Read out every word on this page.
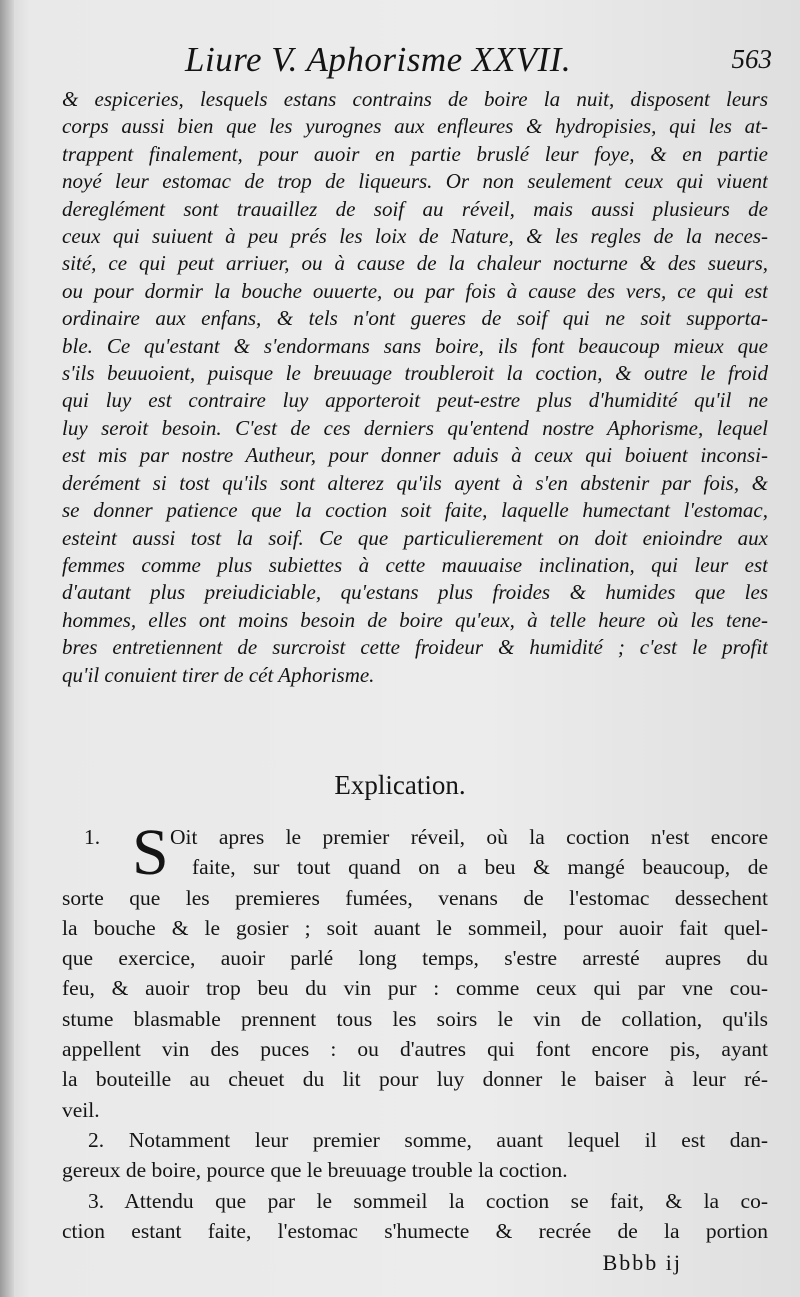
Liure V. Aphorisme XXVII.	563
& espiceries, lesquels estans contrains de boire la nuit, disposent leurs
corps aussi bien que les yurognes aux enfleures & hydropisies, qui les at-
trappent finalement, pour auoir en partie bruslé leur foye, & en partie
noyé leur estomac de trop de liqueurs. Or non seulement ceux qui viuent
dereglément sont trauaillez de soif au réveil, mais aussi plusieurs de
ceux qui suiuent à peu prés les loix de Nature, & les regles de la neces-
sité, ce qui peut arriuer, ou à cause de la chaleur nocturne & des sueurs,
ou pour dormir la bouche ouuerte, ou par fois à cause des vers, ce qui est
ordinaire aux enfans, & tels n'ont gueres de soif qui ne soit supporta-
ble. Ce qu'estant & s'endormans sans boire, ils font beaucoup mieux que
s'ils beuuoient, puisque le breuuage troubleroit la coction, & outre le froid
qui luy est contraire luy apporteroit peut-estre plus d'humidité qu'il ne
luy seroit besoin. C'est de ces derniers qu'entend nostre Aphorisme, lequel
est mis par nostre Autheur, pour donner aduis à ceux qui boiuent inconsi-
derément si tost qu'ils sont alterez qu'ils ayent à s'en abstenir par fois, &
se donner patience que la coction soit faite, laquelle humectant l'estomac,
esteint aussi tost la soif. Ce que particulierement on doit enioindre aux
femmes comme plus subiettes à cette mauuaise inclination, qui leur est
d'autant plus preiudiciable, qu'estans plus froides & humides que les
hommes, elles ont moins besoin de boire qu'eux, à telle heure où les tene-
bres entretiennent de surcroist cette froideur & humidité ; c'est le profit
qu'il conuient tirer de cét Aphorisme.
Explication.
S
1.	Oit apres le premier réveil, où la coction n'est encore
faite, sur tout quand on a beu & mangé beaucoup, de
sorte que les premieres fumées, venans de l'estomac dessechent
la bouche & le gosier ; soit auant le sommeil, pour auoir fait quel-
que exercice, auoir parlé long temps, s'estre arresté aupres du
feu, & auoir trop beu du vin pur : comme ceux qui par vne cou-
stume blasmable prennent tous les soirs le vin de collation, qu'ils
appellent vin des puces : ou d'autres qui font encore pis, ayant
la bouteille au cheuet du lit pour luy donner le baiser à leur ré-
veil.
2. Notamment leur premier somme, auant lequel il est dan-
gereux de boire, pource que le breuuage trouble la coction.
3. Attendu que par le sommeil la coction se fait, & la co-
ction estant faite, l'estomac s'humecte & recrée de la portion
Bbbb ij
